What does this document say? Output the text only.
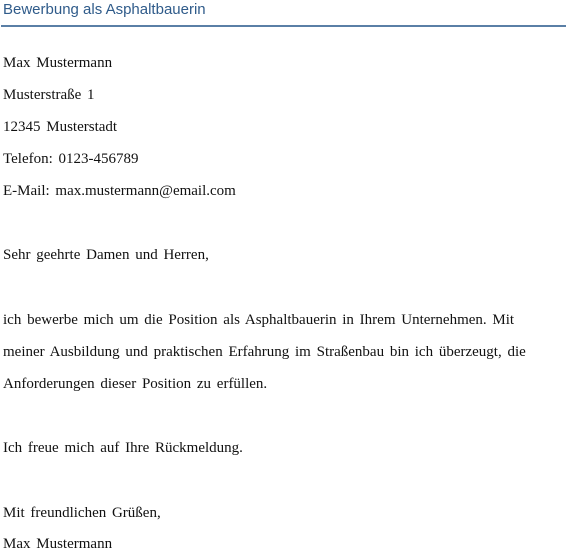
Bewerbung als Asphaltbauerin
Max Mustermann
Musterstraße 1
12345 Musterstadt
Telefon: 0123-456789
E-Mail: max.mustermann@email.com
Sehr geehrte Damen und Herren,
ich bewerbe mich um die Position als Asphaltbauerin in Ihrem Unternehmen. Mit
meiner Ausbildung und praktischen Erfahrung im Straßenbau bin ich überzeugt, die
Anforderungen dieser Position zu erfüllen.
Ich freue mich auf Ihre Rückmeldung.
Mit freundlichen Grüßen,
Max Mustermann
